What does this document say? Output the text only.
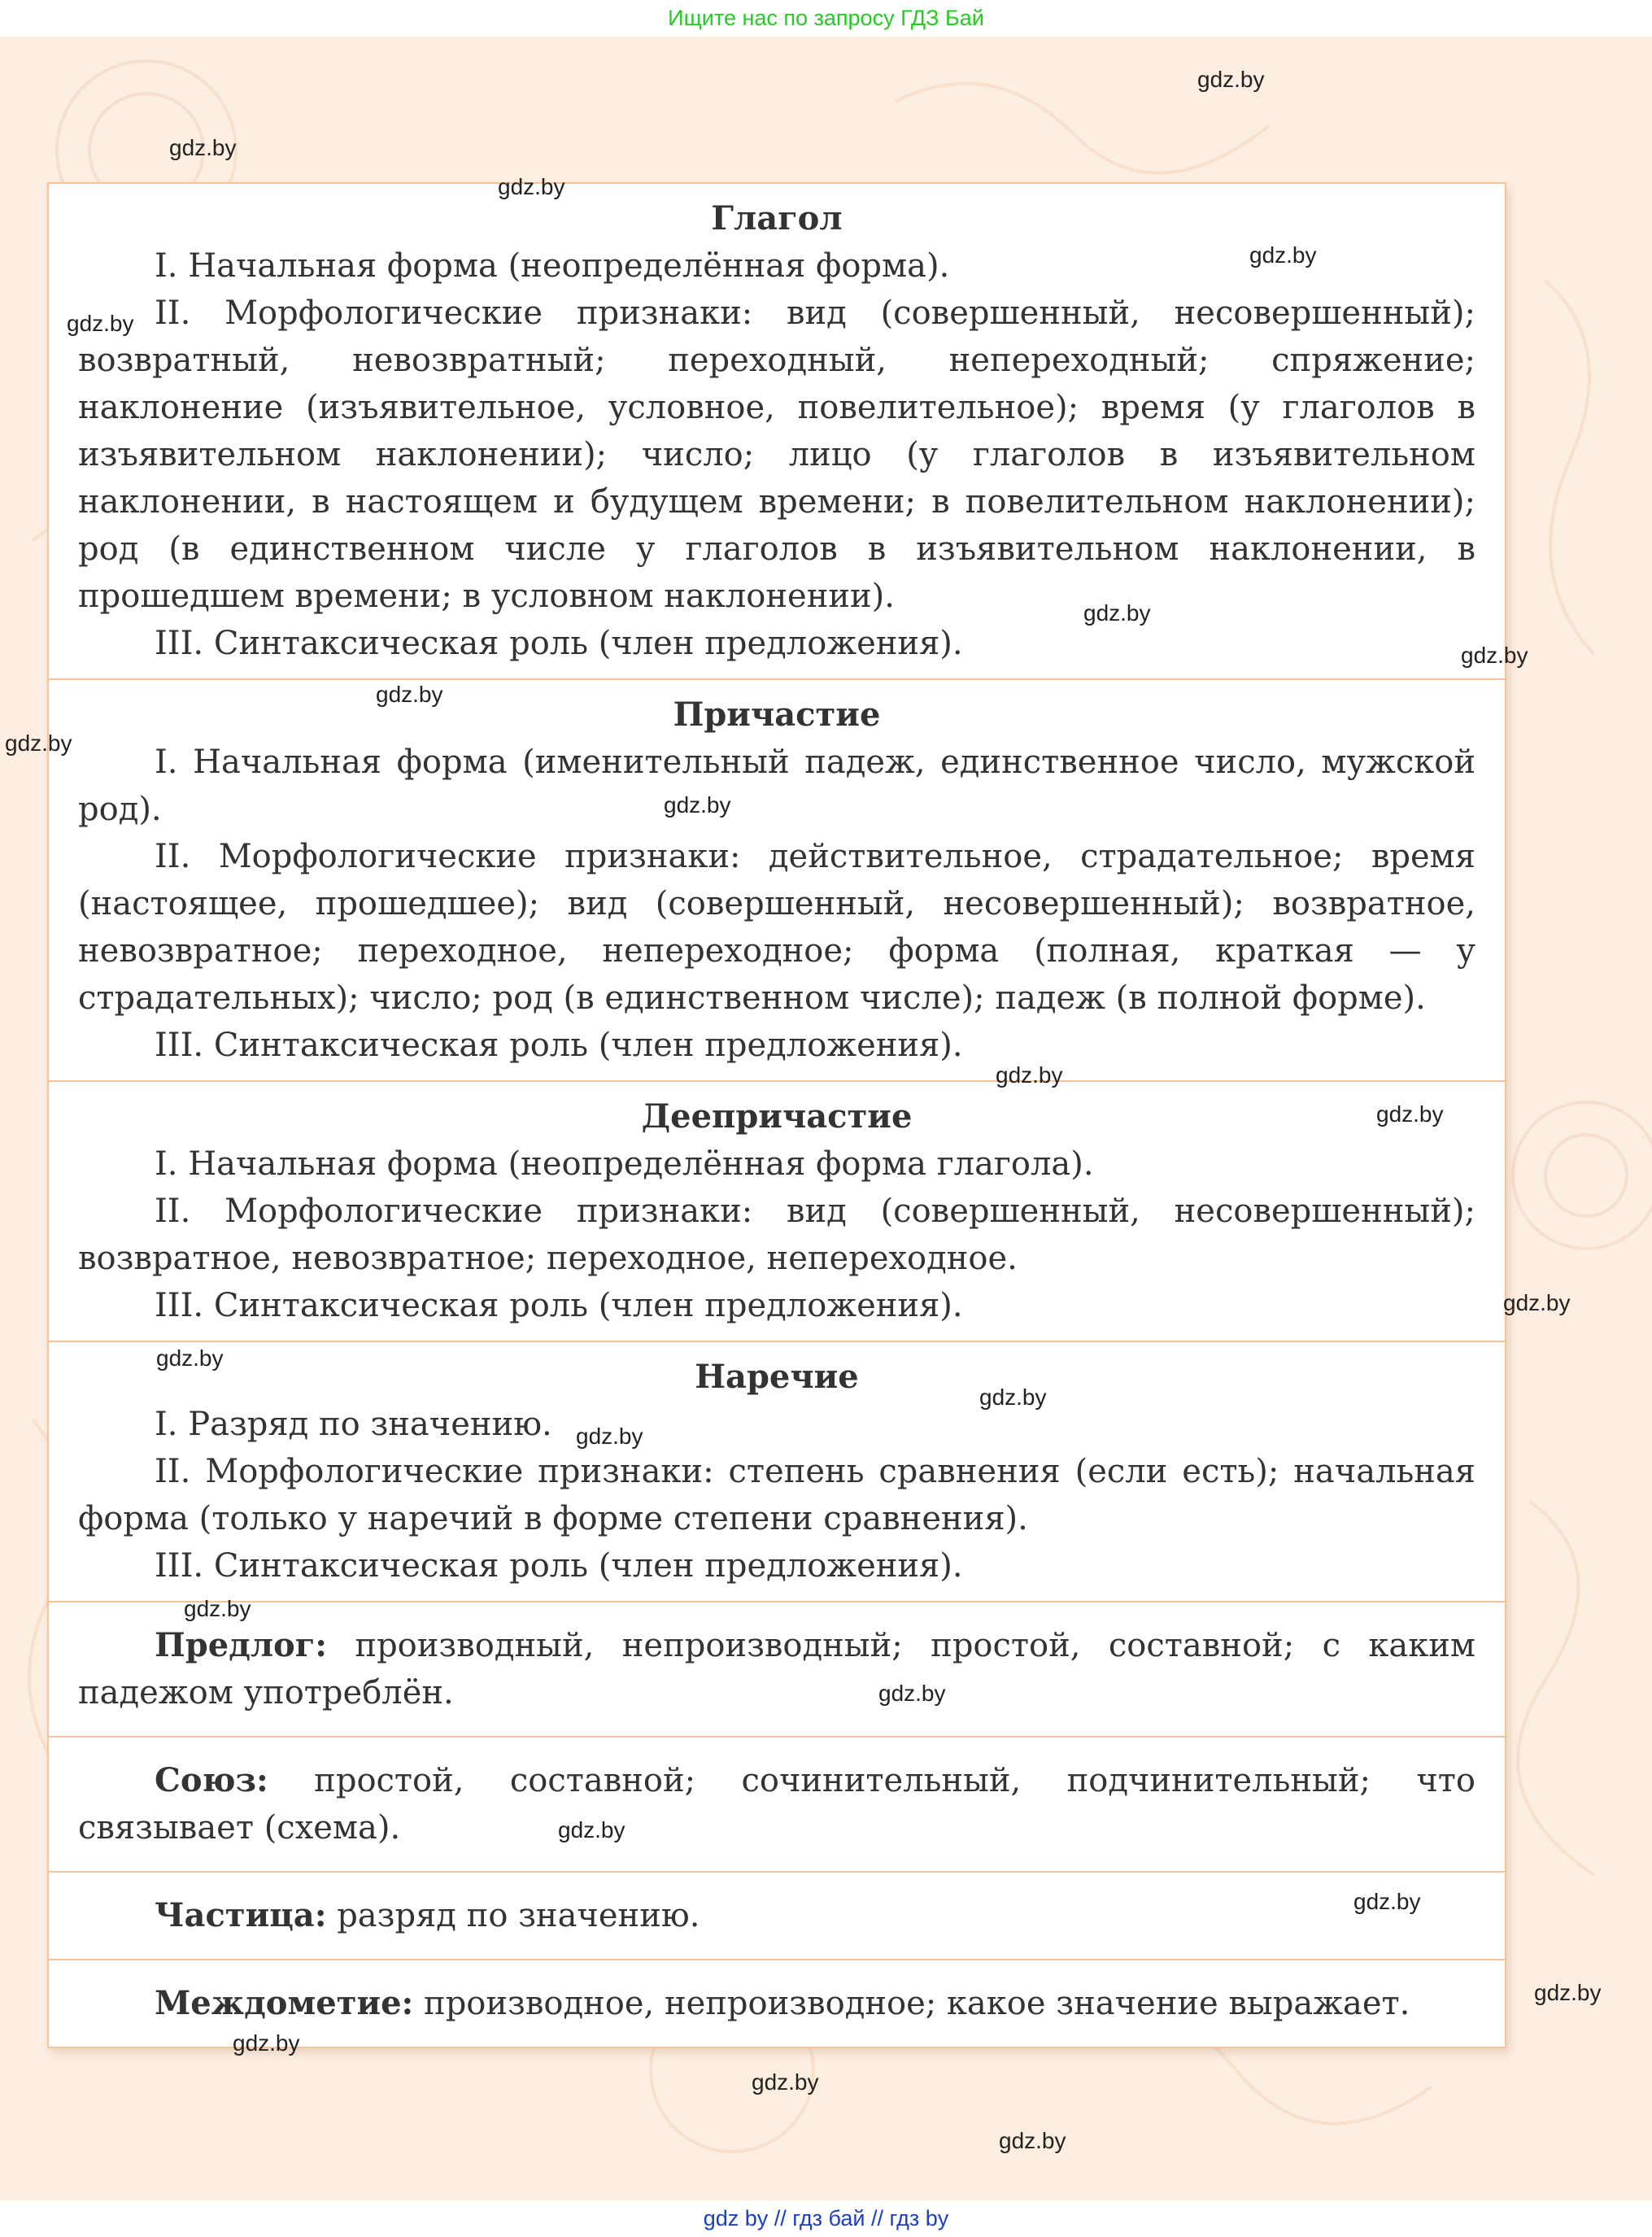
Ищите нас по запросу ГДЗ Бай

Глагол

I. Начальная форма (неопределённая форма).

II. Морфологические признаки: вид (совершенный, несовершенный); возвратный, невозвратный; переходный, непереходный; спряжение; наклонение (изъявительное, условное, повелительное); время (у глаголов в изъявительном наклонении); число; лицо (у глаголов в изъявительном наклонении, в настоящем и будущем времени; в повелительном наклонении); род (в единственном числе у глаголов в изъявительном наклонении, в прошедшем времени; в условном наклонении).

III. Синтаксическая роль (член предложения).

Причастие

I. Начальная форма (именительный падеж, единственное число, мужской род).

II. Морфологические признаки: действительное, страдательное; время (настоящее, прошедшее); вид (совершенный, несовершенный); возвратное, невозвратное; переходное, непереходное; форма (полная, краткая — у страдательных); число; род (в единственном числе); падеж (в полной форме).

III. Синтаксическая роль (член предложения).

Деепричастие

I. Начальная форма (неопределённая форма глагола).

II. Морфологические признаки: вид (совершенный, несовершенный); возвратное, невозвратное; переходное, непереходное.

III. Синтаксическая роль (член предложения).

Наречие

I. Разряд по значению.

II. Морфологические признаки: степень сравнения (если есть); начальная форма (только у наречий в форме степени сравнения).

III. Синтаксическая роль (член предложения).

Предлог: производный, непроизводный; простой, составной; с каким падежом употреблён.

Союз: простой, составной; сочинительный, подчинительный; что связывает (схема).

Частица: разряд по значению.

Междометие: производное, непроизводное; какое значение выражает.

gdz.by
gdz.by
gdz.by
gdz.by
gdz.by
gdz.by
gdz.by
gdz.by
gdz.by
gdz.by
gdz.by
gdz.by
gdz.by
gdz.by
gdz.by
gdz.by
gdz.by
gdz.by
gdz.by
gdz.by
gdz.by
gdz.by
gdz.by
gdz.by
gdz by // гдз бай // гдз by
